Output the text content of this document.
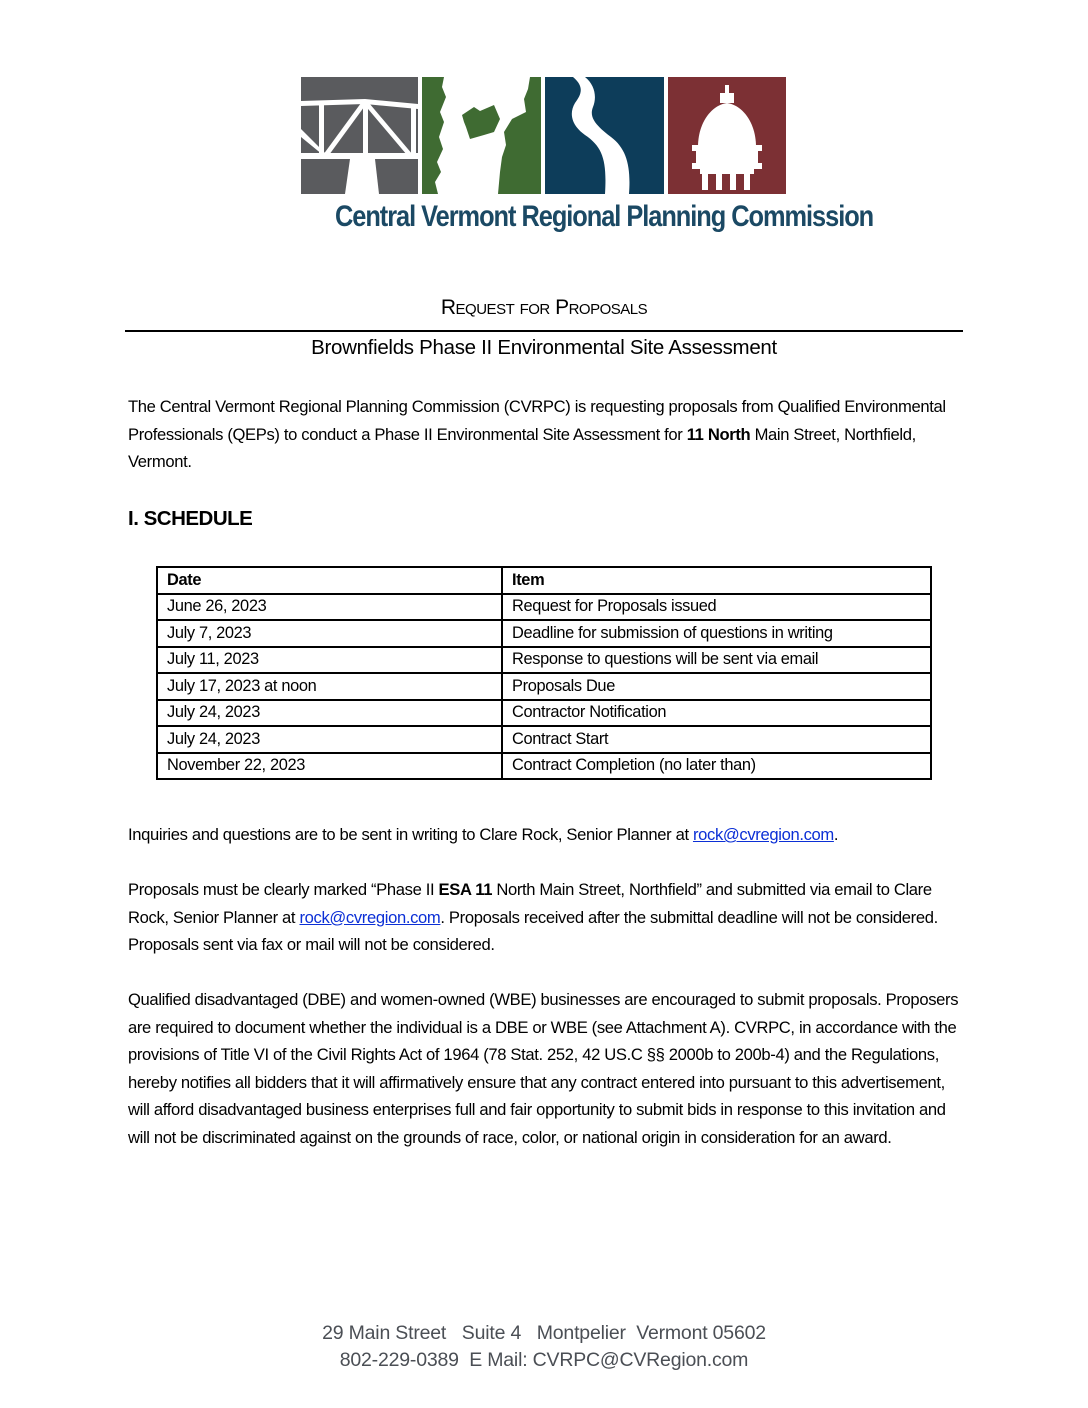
Central Vermont Regional Planning Commission
Request for Proposals
Brownfields Phase II Environmental Site Assessment
The Central Vermont Regional Planning Commission (CVRPC) is requesting proposals from Qualified Environmental Professionals (QEPs) to conduct a Phase II Environmental Site Assessment for 11 North Main Street, Northfield, Vermont.
I. SCHEDULE
Date	Item
June 26, 2023	Request for Proposals issued
July 7, 2023	Deadline for submission of questions in writing
July 11, 2023	Response to questions will be sent via email
July 17, 2023 at noon	Proposals Due
July 24, 2023	Contractor Notification
July 24, 2023	Contract Start
November 22, 2023	Contract Completion (no later than)
Inquiries and questions are to be sent in writing to Clare Rock, Senior Planner at rock@cvregion.com.
Proposals must be clearly marked “Phase II ESA 11 North Main Street, Northfield” and submitted via email to Clare Rock, Senior Planner at rock@cvregion.com. Proposals received after the submittal deadline will not be considered. Proposals sent via fax or mail will not be considered.
Qualified disadvantaged (DBE) and women-owned (WBE) businesses are encouraged to submit proposals. Proposers are required to document whether the individual is a DBE or WBE (see Attachment A). CVRPC, in accordance with the provisions of Title VI of the Civil Rights Act of 1964 (78 Stat. 252, 42 US.C §§ 2000b to 200b-4) and the Regulations, hereby notifies all bidders that it will affirmatively ensure that any contract entered into pursuant to this advertisement, will afford disadvantaged business enterprises full and fair opportunity to submit bids in response to this invitation and will not be discriminated against on the grounds of race, color, or national origin in consideration for an award.
29 Main Street   Suite 4   Montpelier  Vermont 05602
802-229-0389  E Mail: CVRPC@CVRegion.com
